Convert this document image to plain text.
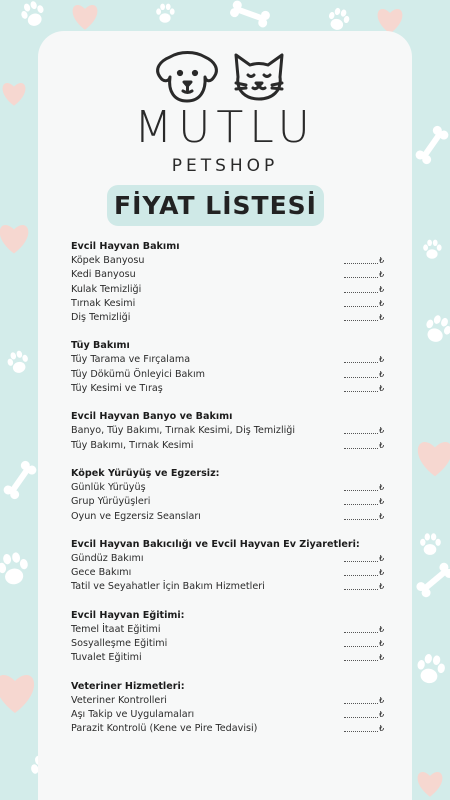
MUTLU
PETSHOP
FİYAT LİSTESİ
Evcil Hayvan Bakımı
Köpek Banyosu	₺
Kedi Banyosu	₺
Kulak Temizliği	₺
Tırnak Kesimi	₺
Diş Temizliği	₺
Tüy Bakımı
Tüy Tarama ve Fırçalama	₺
Tüy Dökümü Önleyici Bakım	₺
Tüy Kesimi ve Tıraş	₺
Evcil Hayvan Banyo ve Bakımı
Banyo, Tüy Bakımı, Tırnak Kesimi, Diş Temizliği	₺
Tüy Bakımı, Tırnak Kesimi	₺
Köpek Yürüyüş ve Egzersiz:
Günlük Yürüyüş	₺
Grup Yürüyüşleri	₺
Oyun ve Egzersiz Seansları	₺
Evcil Hayvan Bakıcılığı ve Evcil Hayvan Ev Ziyaretleri:
Gündüz Bakımı	₺
Gece Bakımı	₺
Tatil ve Seyahatler İçin Bakım Hizmetleri	₺
Evcil Hayvan Eğitimi:
Temel İtaat Eğitimi	₺
Sosyalleşme Eğitimi	₺
Tuvalet Eğitimi	₺
Veteriner Hizmetleri:
Veteriner Kontrolleri	₺
Aşı Takip ve Uygulamaları	₺
Parazit Kontrolü (Kene ve Pire Tedavisi)	₺
